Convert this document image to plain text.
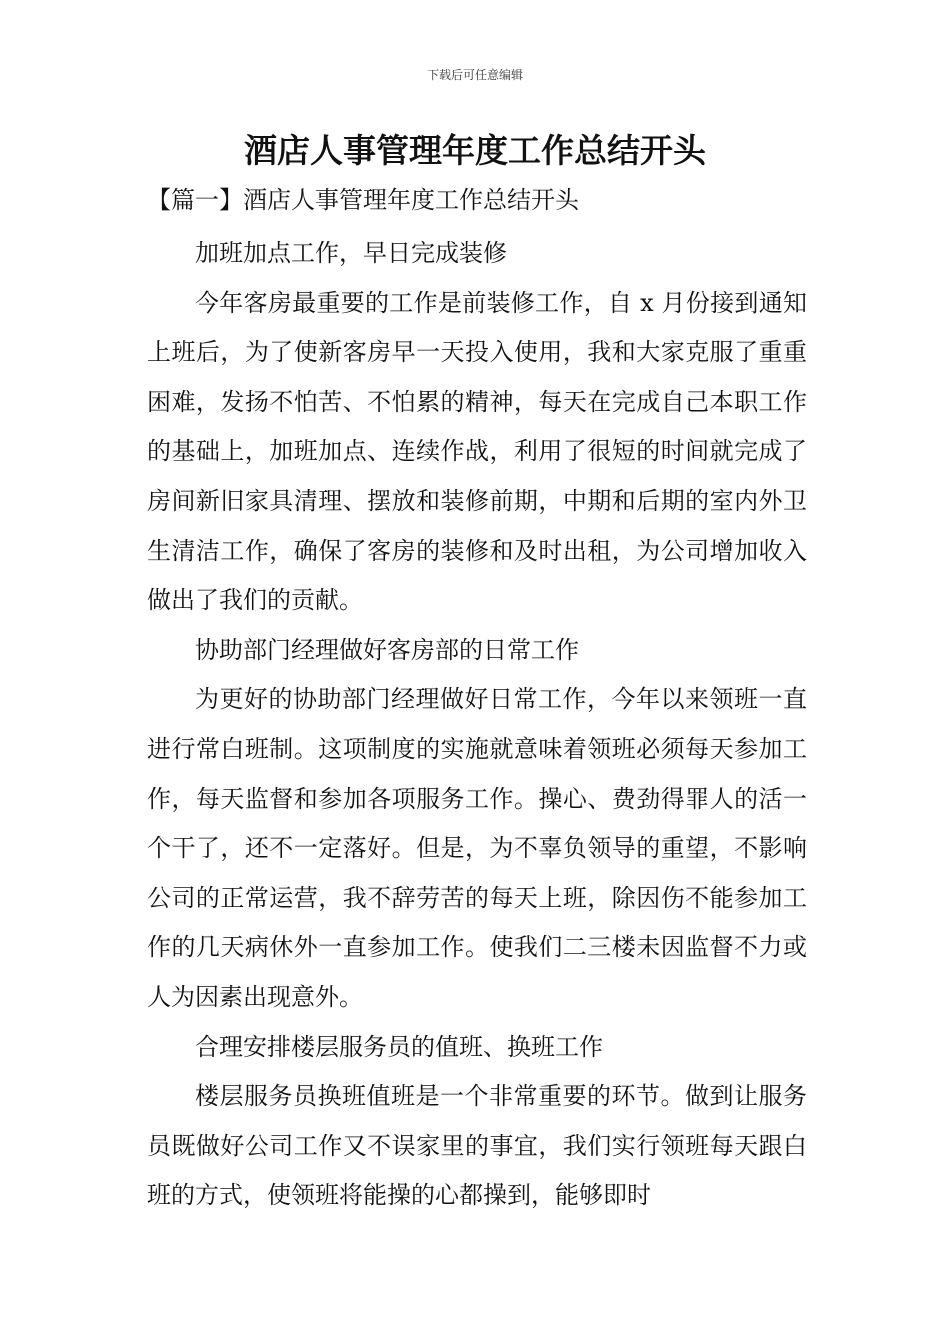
下载后可任意编辑
酒店人事管理年度工作总结开头
【篇一】酒店人事管理年度工作总结开头

加班加点工作，早日完成装修

今年客房最重要的工作是前装修工作，自 x 月份接到通知上班后，为了使新客房早一天投入使用，我和大家克服了重重困难，发扬不怕苦、不怕累的精神，每天在完成自己本职工作的基础上，加班加点、连续作战，利用了很短的时间就完成了房间新旧家具清理、摆放和装修前期，中期和后期的室内外卫生清洁工作，确保了客房的装修和及时出租，为公司增加收入做出了我们的贡献。

协助部门经理做好客房部的日常工作

为更好的协助部门经理做好日常工作，今年以来领班一直进行常白班制。这项制度的实施就意味着领班必须每天参加工作，每天监督和参加各项服务工作。操心、费劲得罪人的活一个干了，还不一定落好。但是，为不辜负领导的重望，不影响公司的正常运营，我不辞劳苦的每天上班，除因伤不能参加工作的几天病休外一直参加工作。使我们二三楼未因监督不力或人为因素出现意外。

合理安排楼层服务员的值班、换班工作

楼层服务员换班值班是一个非常重要的环节。做到让服务员既做好公司工作又不误家里的事宜，我们实行领班每天跟白班的方式，使领班将能操的心都操到，能够即时
